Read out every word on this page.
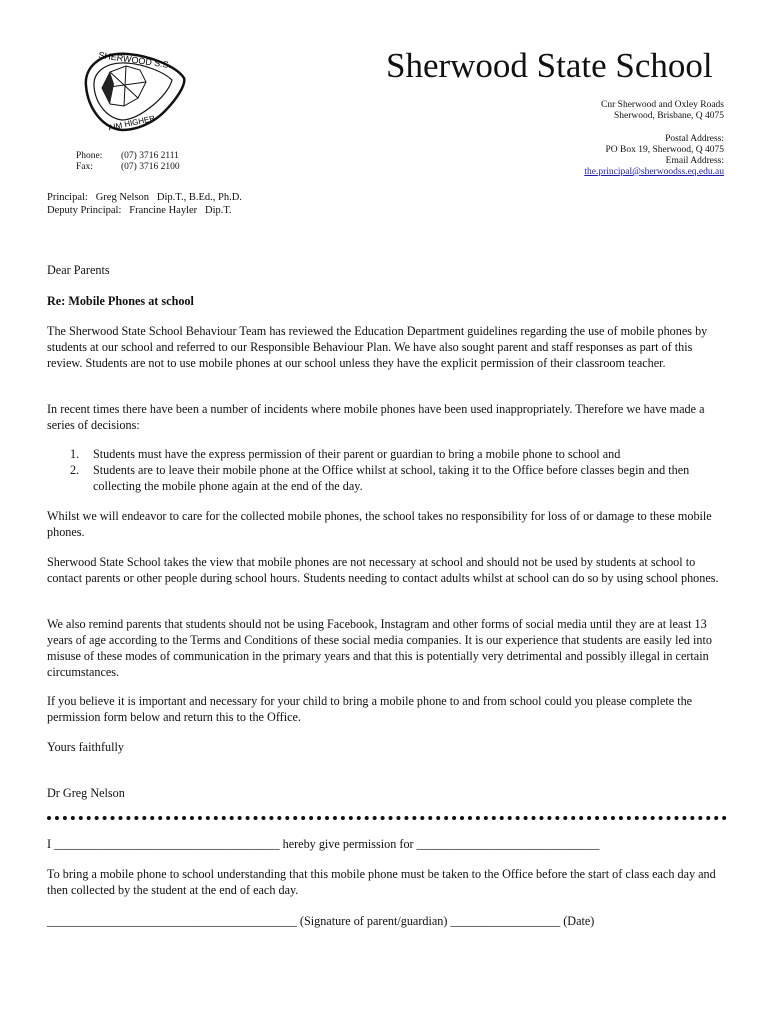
SHERWOOD S.S.
AIM HIGHER
Sherwood State School
Cnr Sherwood and Oxley Roads
Sherwood, Brisbane, Q 4075
Postal Address:
PO Box 19, Sherwood, Q 4075
Email Address:
the.principal@sherwoodss.eq.edu.au
Phone: (07) 3716 2111
Fax:	(07) 3716 2100
Principal:   Greg Nelson   Dip.T., B.Ed., Ph.D.
Deputy Principal:   Francine Hayler   Dip.T.

Dear Parents

Re: Mobile Phones at school

The Sherwood State School Behaviour Team has reviewed the Education Department guidelines regarding the use of mobile phones by students at our school and referred to our Responsible Behaviour Plan. We have also sought parent and staff responses as part of this review. Students are not to use mobile phones at our school unless they have the explicit permission of their classroom teacher.

In recent times there have been a number of incidents where mobile phones have been used inappropriately. Therefore we have made a series of decisions:

1. Students must have the express permission of their parent or guardian to bring a mobile phone to school and
2. Students are to leave their mobile phone at the Office whilst at school, taking it to the Office before classes begin and then collecting the mobile phone again at the end of the day.

Whilst we will endeavor to care for the collected mobile phones, the school takes no responsibility for loss of or damage to these mobile phones.

Sherwood State School takes the view that mobile phones are not necessary at school and should not be used by students at school to contact parents or other people during school hours. Students needing to contact adults whilst at school can do so by using school phones.

We also remind parents that students should not be using Facebook, Instagram and other forms of social media until they are at least 13 years of age according to the Terms and Conditions of these social media companies. It is our experience that students are easily led into misuse of these modes of communication in the primary years and that this is potentially very detrimental and possibly illegal in certain circumstances.

If you believe it is important and necessary for your child to bring a mobile phone to and from school could you please complete the permission form below and return this to the Office.

Yours faithfully

Dr Greg Nelson

I _____________________________________ hereby give permission for ______________________________

To bring a mobile phone to school understanding that this mobile phone must be taken to the Office before the start of class each day and then collected by the student at the end of each day.

_________________________________________ (Signature of parent/guardian) __________________ (Date)
